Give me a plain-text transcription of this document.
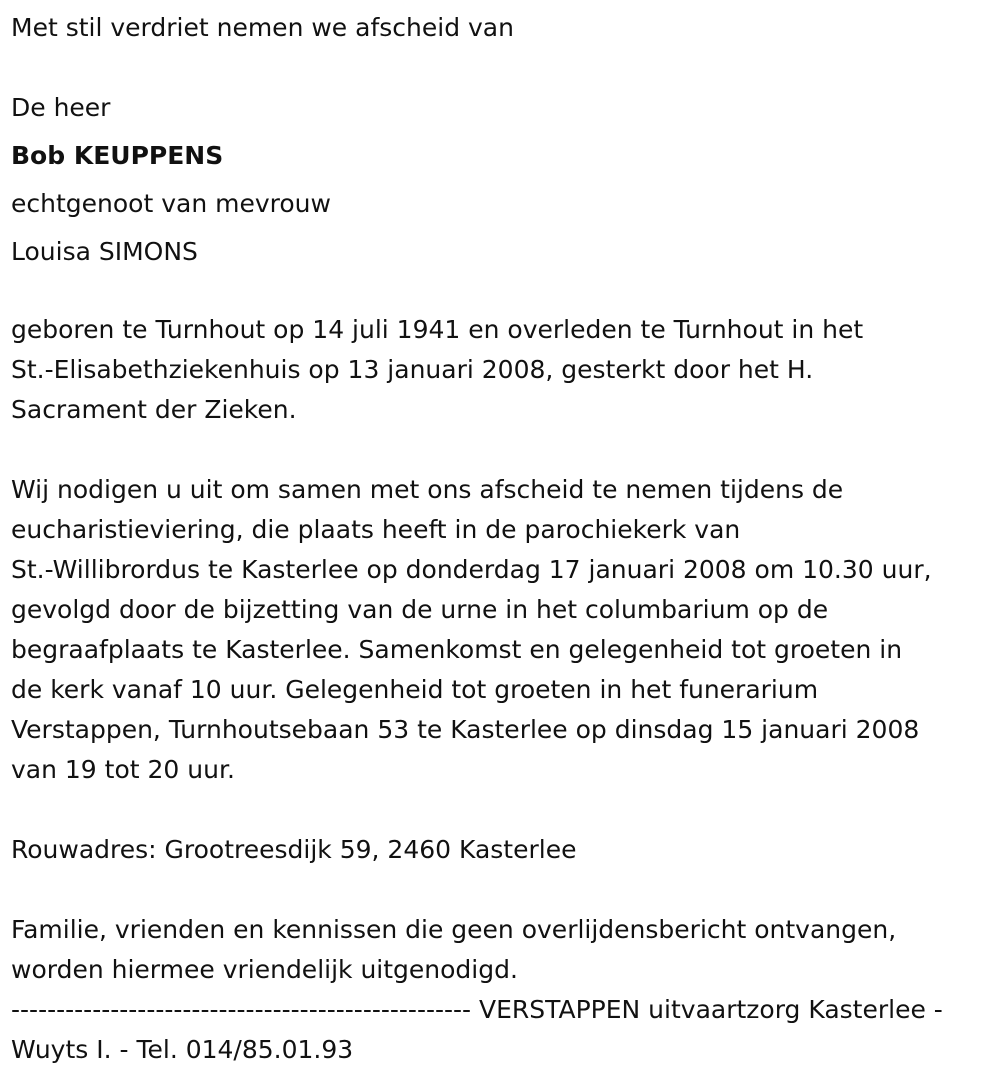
Met stil verdriet nemen we afscheid van
De heer
Bob KEUPPENS
echtgenoot van mevrouw
Louisa SIMONS
geboren te Turnhout op 14 juli 1941 en overleden te Turnhout in het
St.-Elisabethziekenhuis op 13 januari 2008, gesterkt door het H.
Sacrament der Zieken.
Wij nodigen u uit om samen met ons afscheid te nemen tijdens de
eucharistieviering, die plaats heeft in de parochiekerk van
St.-Willibrordus te Kasterlee op donderdag 17 januari 2008 om 10.30 uur,
gevolgd door de bijzetting van de urne in het columbarium op de
begraafplaats te Kasterlee. Samenkomst en gelegenheid tot groeten in
de kerk vanaf 10 uur. Gelegenheid tot groeten in het funerarium
Verstappen, Turnhoutsebaan 53 te Kasterlee op dinsdag 15 januari 2008
van 19 tot 20 uur.
Rouwadres: Grootreesdijk 59, 2460 Kasterlee
Familie, vrienden en kennissen die geen overlijdensbericht ontvangen,
worden hiermee vriendelijk uitgenodigd.
--------------------------------------------------- VERSTAPPEN uitvaartzorg Kasterlee -
Wuyts I. - Tel. 014/85.01.93
